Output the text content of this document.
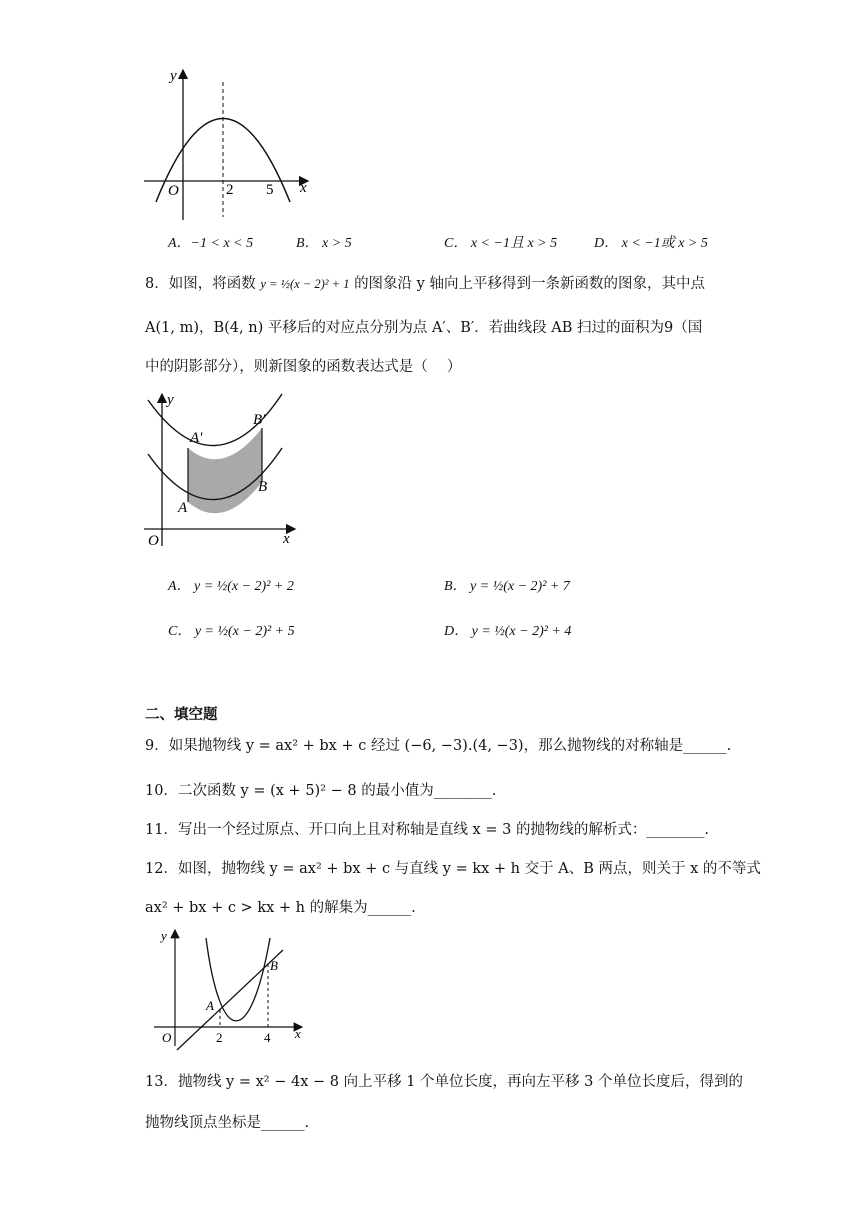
y
x
O	2 5
A．−1 < x < 5	B． x > 5	C． x < −1且 x > 5	D． x < −1或 x > 5
8．如图，将函数 y = ½(x − 2)² + 1 的图象沿 y 轴向上平移得到一条新函数的图象，其中点
A(1, m)，B(4, n) 平移后的对应点分别为点 A′、B′．若曲线段 AB 扫过的面积为9（国
中的阴影部分），则新图象的函数表达式是（　 ）
y
x
O
A′
B′
A
B
A． y = ½(x − 2)² + 2	B． y = ½(x − 2)² + 7
C． y = ½(x − 2)² + 5	D． y = ½(x − 2)² + 4
二、填空题
9．如果抛物线 y = ax² + bx + c 经过 (−6, −3).(4, −3)，那么抛物线的对称轴是______.
10．二次函数 y = (x + 5)² − 8 的最小值为________.
11．写出一个经过原点、开口向上且对称轴是直线 x = 3 的抛物线的解析式：________.
12．如图，抛物线 y = ax² + bx + c 与直线 y = kx + h 交于 A、B 两点，则关于 x 的不等式
ax² + bx + c > kx + h 的解集为______.
y
x
O
A
B
2	4
13．抛物线 y = x² − 4x − 8 向上平移 1 个单位长度，再向左平移 3 个单位长度后，得到的
抛物线顶点坐标是______.
